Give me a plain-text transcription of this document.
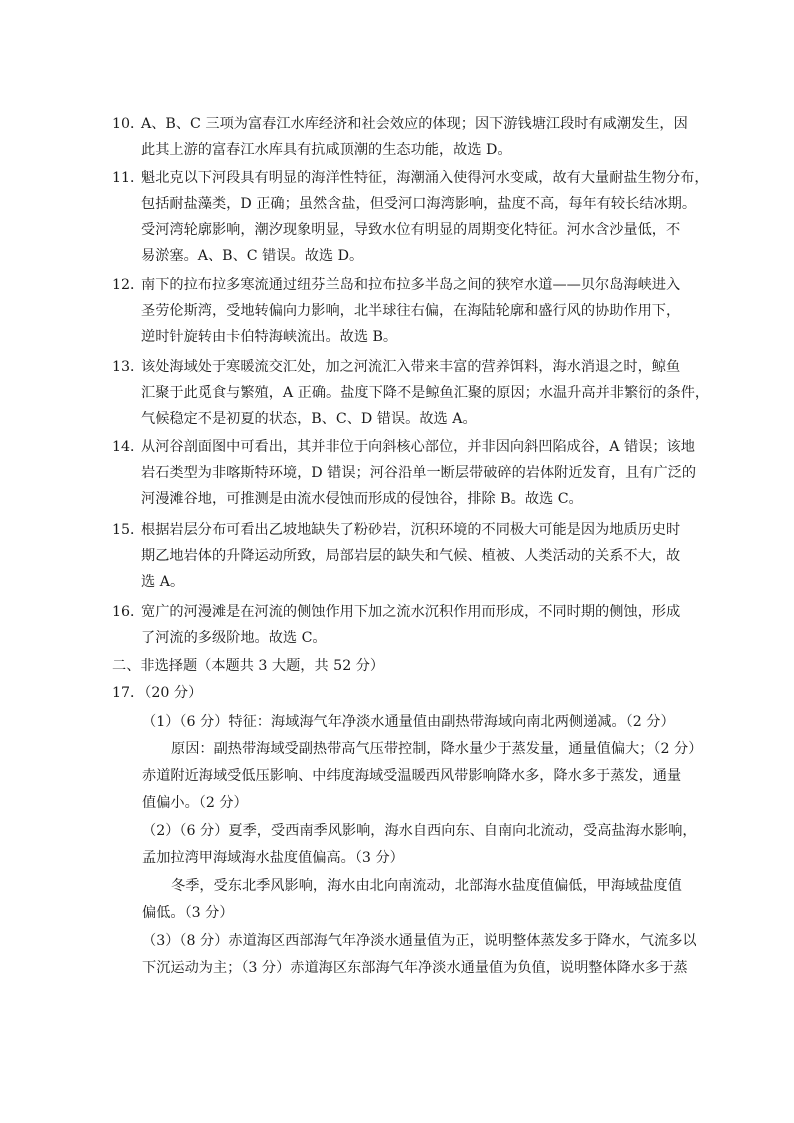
10．
A、B、C 三项为富春江水库经济和社会效应的体现；因下游钱塘江段时有咸潮发生，因
此其上游的富春江水库具有抗咸顶潮的生态功能，故选 D。
11．
魁北克以下河段具有明显的海洋性特征，海潮涌入使得河水变咸，故有大量耐盐生物分布，
包括耐盐藻类，D 正确；虽然含盐，但受河口海湾影响，盐度不高，每年有较长结冰期。
受河湾轮廓影响，潮汐现象明显，导致水位有明显的周期变化特征。河水含沙量低，不
易淤塞。A、B、C 错误。故选 D。
12．
南下的拉布拉多寒流通过纽芬兰岛和拉布拉多半岛之间的狭窄水道——贝尔岛海峡进入
圣劳伦斯湾，受地转偏向力影响，北半球往右偏，在海陆轮廓和盛行风的协助作用下，
逆时针旋转由卡伯特海峡流出。故选 B。
13．
该处海域处于寒暖流交汇处，加之河流汇入带来丰富的营养饵料，海水消退之时，鲸鱼
汇聚于此觅食与繁殖，A 正确。盐度下降不是鲸鱼汇聚的原因；水温升高并非繁衍的条件，
气候稳定不是初夏的状态，B、C、D 错误。故选 A。
14．
从河谷剖面图中可看出，其并非位于向斜核心部位，并非因向斜凹陷成谷，A 错误；该地
岩石类型为非喀斯特环境，D 错误；河谷沿单一断层带破碎的岩体附近发育，且有广泛的
河漫滩谷地，可推测是由流水侵蚀而形成的侵蚀谷，排除 B。故选 C。
15．
根据岩层分布可看出乙坡地缺失了粉砂岩，沉积环境的不同极大可能是因为地质历史时
期乙地岩体的升降运动所致，局部岩层的缺失和气候、植被、人类活动的关系不大，故
选 A。
16．
宽广的河漫滩是在河流的侧蚀作用下加之流水沉积作用而形成，不同时期的侧蚀，形成
了河流的多级阶地。故选 C。
二、非选择题（本题共 3 大题，共 52 分）
17．（20 分）
（1）（6 分）特征：海域海气年净淡水通量值由副热带海域向南北两侧递减。（2 分）
原因：副热带海域受副热带高气压带控制，降水量少于蒸发量，通量值偏大；（2 分）
赤道附近海域受低压影响、中纬度海域受温暖西风带影响降水多，降水多于蒸发，通量
值偏小。（2 分）
（2）（6 分）夏季，受西南季风影响，海水自西向东、自南向北流动，受高盐海水影响，
孟加拉湾甲海域海水盐度值偏高。（3 分）
冬季，受东北季风影响，海水由北向南流动，北部海水盐度值偏低，甲海域盐度值
偏低。（3 分）
（3）（8 分）赤道海区西部海气年净淡水通量值为正，说明整体蒸发多于降水，气流多以
下沉运动为主；（3 分）赤道海区东部海气年净淡水通量值为负值，说明整体降水多于蒸
